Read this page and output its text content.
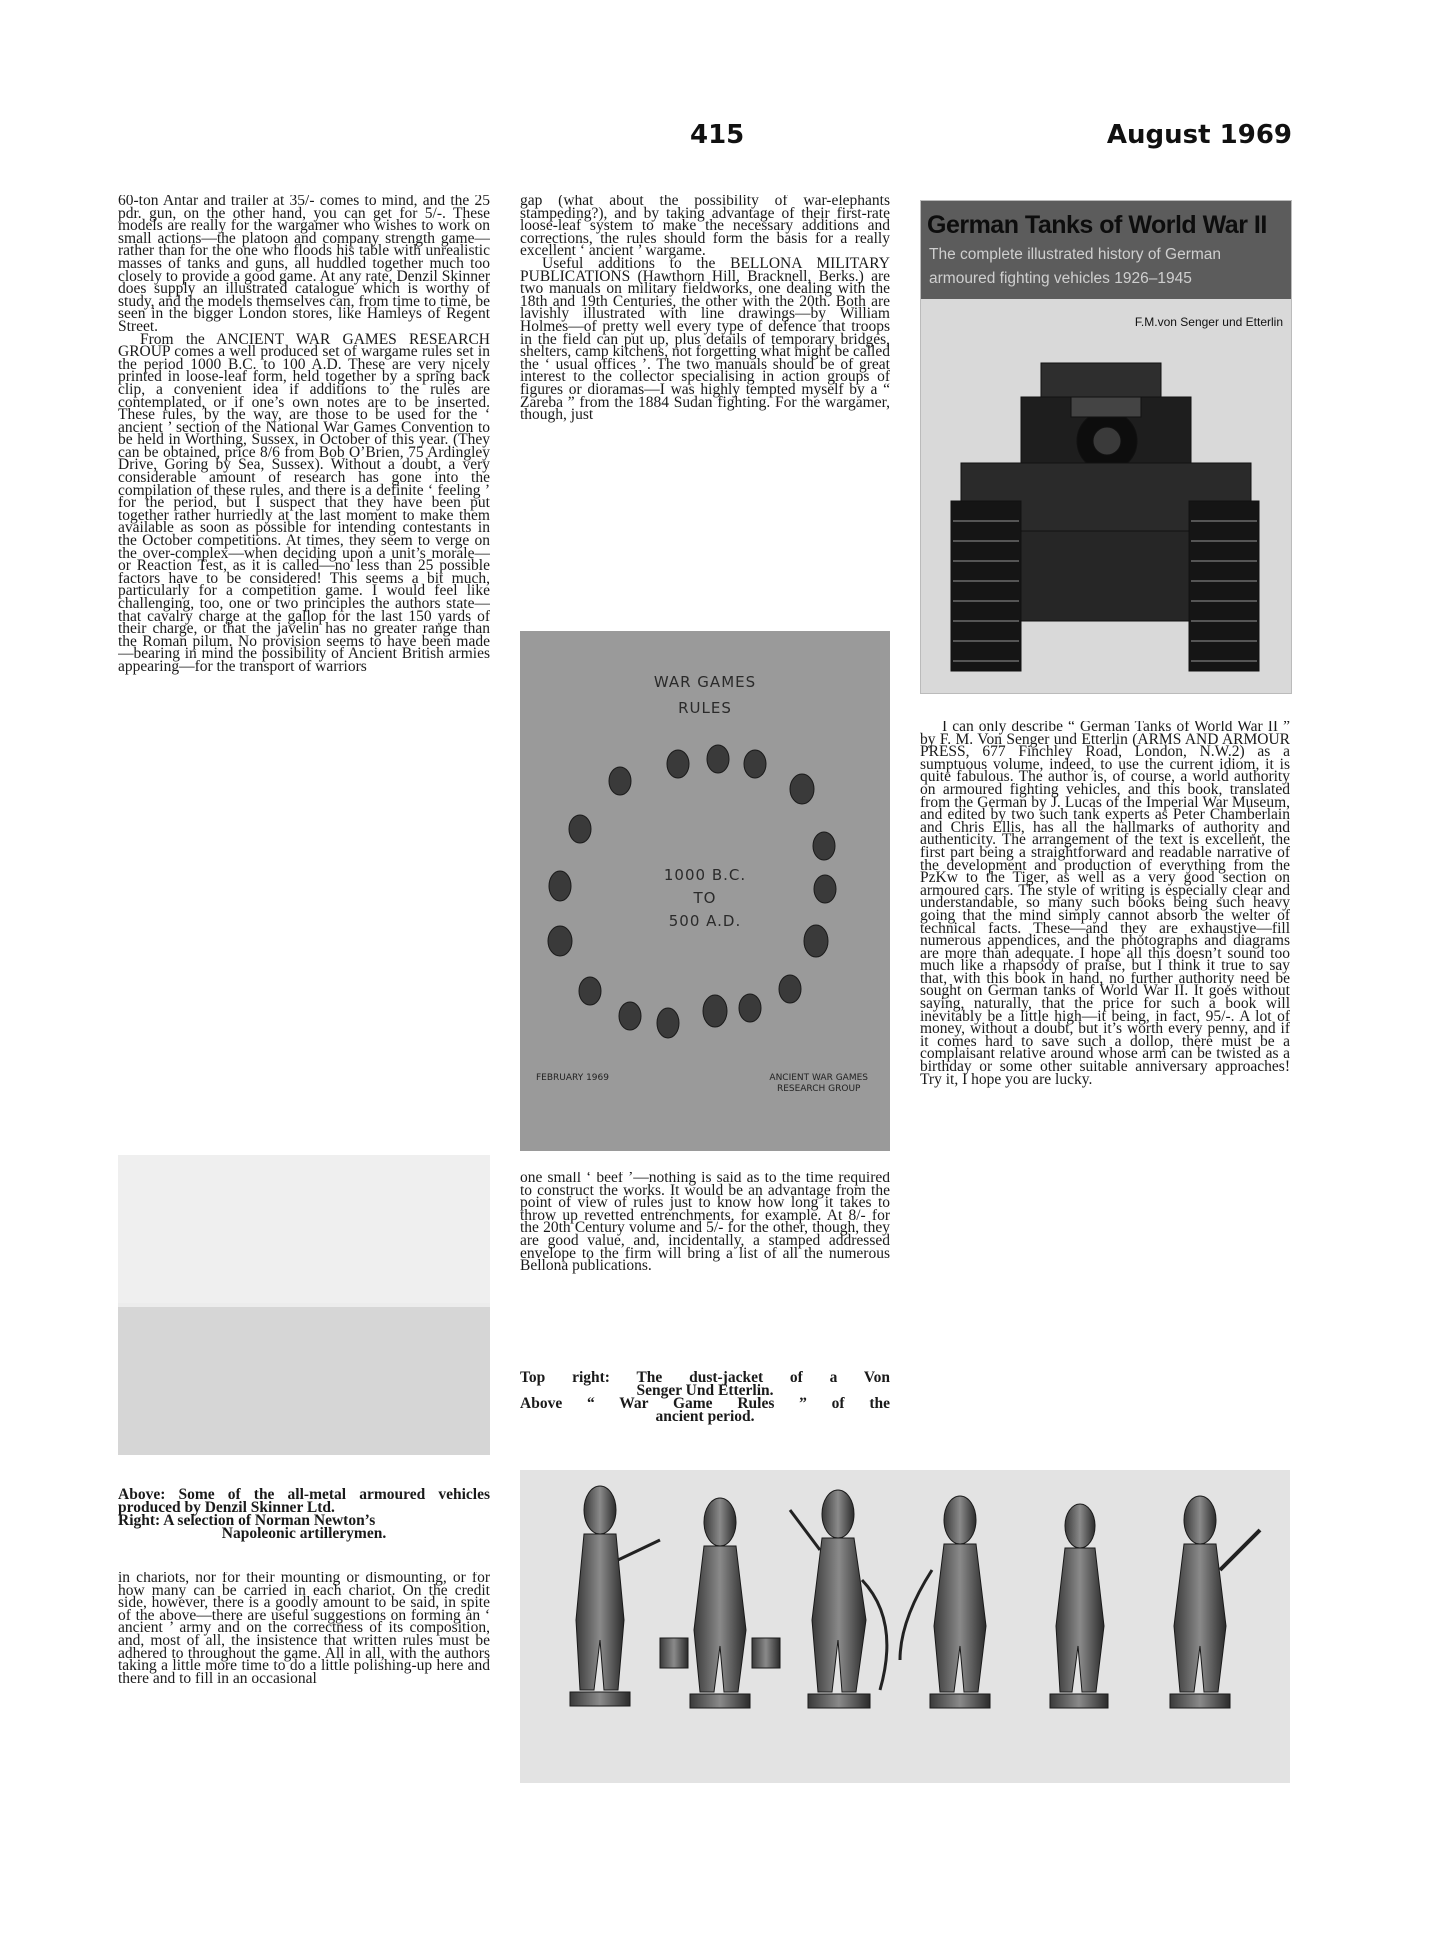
415	August 1969

60-ton Antar and trailer at 35/- comes to mind, and the 25 pdr. gun, on the other hand, you can get for 5/-. These models are really for the wargamer who wishes to work on small actions—the platoon and company strength game—rather than for the one who floods his table with unrealistic masses of tanks and guns, all huddled together much too closely to provide a good game. At any rate, Denzil Skinner does supply an illustrated catalogue which is worthy of study, and the models themselves can, from time to time, be seen in the bigger London stores, like Hamleys of Regent Street.

From the ANCIENT WAR GAMES RESEARCH GROUP comes a well produced set of wargame rules set in the period 1000 B.C. to 100 A.D. These are very nicely printed in loose-leaf form, held together by a spring back clip, a convenient idea if additions to the rules are contemplated, or if one’s own notes are to be inserted. These rules, by the way, are those to be used for the ‘ ancient ’ section of the National War Games Convention to be held in Worthing, Sussex, in October of this year. (They can be obtained, price 8/6 from Bob O’Brien, 75 Ardingley Drive, Goring by Sea, Sussex). Without a doubt, a very considerable amount of research has gone into the compilation of these rules, and there is a definite ‘ feeling ’ for the period, but I suspect that they have been put together rather hurriedly at the last moment to make them available as soon as possible for intending contestants in the October competitions. At times, they seem to verge on the over-complex—when deciding upon a unit’s morale—or Reaction Test, as it is called—no less than 25 possible factors have to be considered! This seems a bit much, particularly for a competition game. I would feel like challenging, too, one or two principles the authors state—that cavalry charge at the gallop for the last 150 yards of their charge, or that the javelin has no greater range than the Roman pilum. No provision seems to have been made—bearing in mind the possibility of Ancient British armies appearing—for the transport of warriors

Above: Some of the all-metal armoured vehicles produced by Denzil Skinner Ltd.
Right: A selection of Norman Newton’s
Napoleonic artillerymen.

in chariots, nor for their mounting or dismounting, or for how many can be carried in each chariot. On the credit side, however, there is a goodly amount to be said, in spite of the above—there are useful suggestions on forming an ‘ ancient ’ army and on the correctness of its composition, and, most of all, the insistence that written rules must be adhered to throughout the game. All in all, with the authors taking a little more time to do a little polishing-up here and there and to fill in an occasional

gap (what about the possibility of war-elephants stampeding?), and by taking advantage of their first-rate loose-leaf system to make the necessary additions and corrections, the rules should form the basis for a really excellent ‘ ancient ’ wargame.

Useful additions to the BELLONA MILITARY PUBLICATIONS (Hawthorn Hill, Bracknell, Berks.) are two manuals on military fieldworks, one dealing with the 18th and 19th Centuries, the other with the 20th. Both are lavishly illustrated with line drawings—by William Holmes—of pretty well every type of defence that troops in the field can put up, plus details of temporary bridges, shelters, camp kitchens, not forgetting what might be called the ‘ usual offices ’. The two manuals should be of great interest to the collector specialising in action groups of figures or dioramas—I was highly tempted myself by a “ Zareba ” from the 1884 Sudan fighting. For the wargamer, though, just

WAR GAMES
RULES
1000 B.C.
TO
500 A.D.
FEBRUARY 1969	ANCIENT WAR GAMES
RESEARCH GROUP

one small ‘ beef ’—nothing is said as to the time required to construct the works. It would be an advantage from the point of view of rules just to know how long it takes to throw up revetted entrenchments, for example. At 8/- for the 20th Century volume and 5/- for the other, though, they are good value, and, incidentally, a stamped addressed envelope to the firm will bring a list of all the numerous Bellona publications.

Top right: The dust-jacket of a Von
Senger Und Etterlin.
Above “ War Game Rules ” of the
ancient period.
German Tanks of World War II
The complete illustrated history of German armoured fighting vehicles 1926–1945
F.M.von Senger und Etterlin

I can only describe “ German Tanks of World War II ” by F. M. Von Senger und Etterlin (ARMS AND ARMOUR PRESS, 677 Finchley Road, London, N.W.2) as a sumptuous volume, indeed, to use the current idiom, it is quite fabulous. The author is, of course, a world authority on armoured fighting vehicles, and this book, translated from the German by J. Lucas of the Imperial War Museum, and edited by two such tank experts as Peter Chamberlain and Chris Ellis, has all the hallmarks of authority and authenticity. The arrangement of the text is excellent, the first part being a straightforward and readable narrative of the development and production of everything from the PzKw to the Tiger, as well as a very good section on armoured cars. The style of writing is especially clear and understandable, so many such books being such heavy going that the mind simply cannot absorb the welter of technical facts. These—and they are exhaustive—fill numerous appendices, and the photographs and diagrams are more than adequate. I hope all this doesn’t sound too much like a rhapsody of praise, but I think it true to say that, with this book in hand, no further authority need be sought on German tanks of World War II. It goes without saying, naturally, that the price for such a book will inevitably be a little high—it being, in fact, 95/-. A lot of money, without a doubt, but it’s worth every penny, and if it comes hard to save such a dollop, there must be a complaisant relative around whose arm can be twisted as a birthday or some other suitable anniversary approaches! Try it, I hope you are lucky.
